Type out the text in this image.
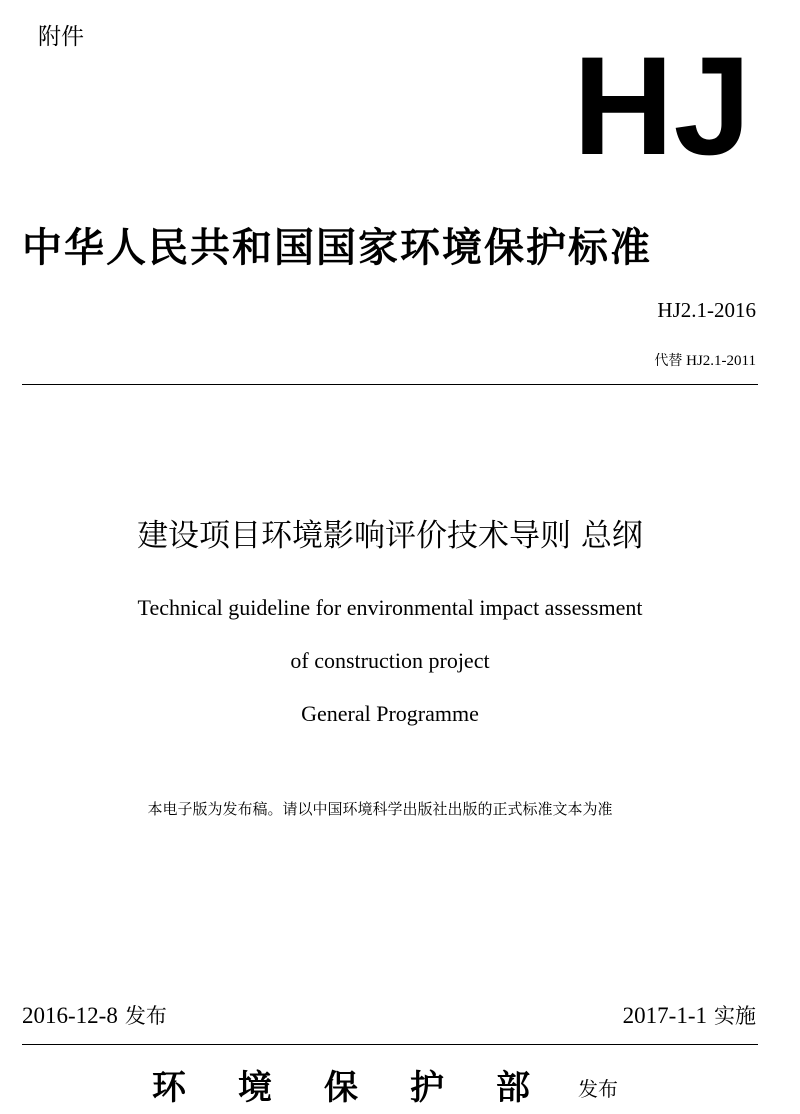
附件	HJ
中华人民共和国国家环境保护标准
HJ2.1-2016
代替 HJ2.1-2011
建设项目环境影响评价技术导则 总纲
Technical guideline for environmental impact assessment
of construction project
General Programme
本电子版为发布稿。请以中国环境科学出版社出版的正式标准文本为准
2016-12-8 发布	2017-1-1 实施
环境保护部
发布
